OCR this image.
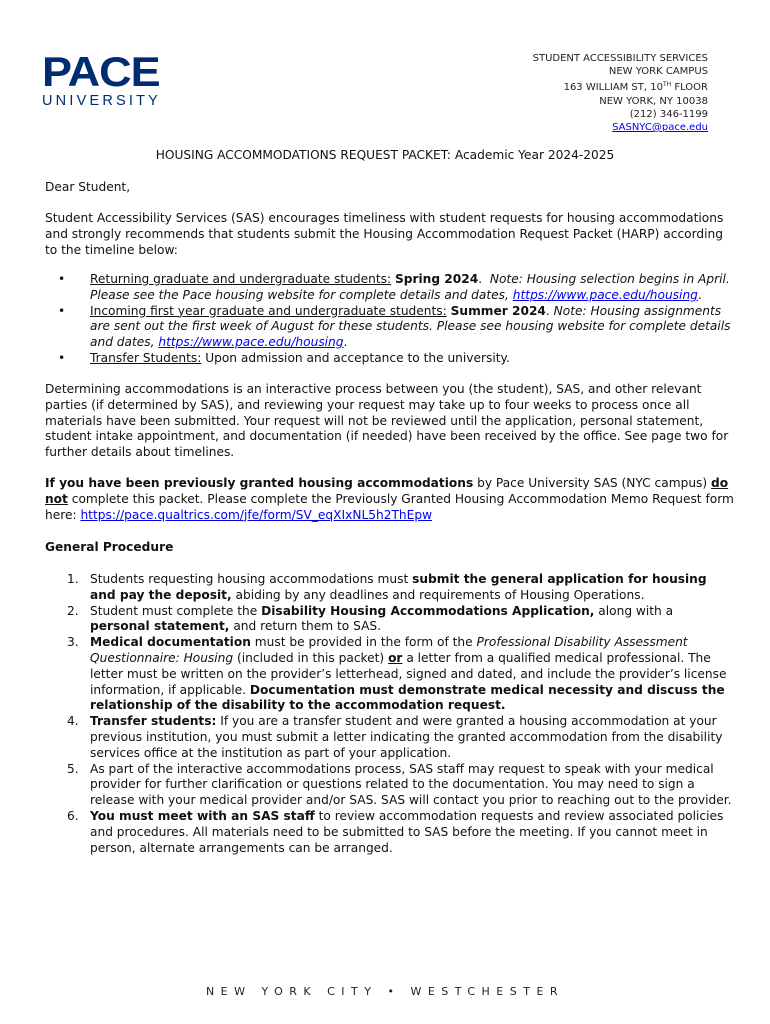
PACE
UNIVERSITY
STUDENT ACCESSIBILITY SERVICES
NEW YORK CAMPUS
163 WILLIAM ST, 10TH FLOOR
NEW YORK, NY 10038
(212) 346-1199
SASNYC@pace.edu
HOUSING ACCOMMODATIONS REQUEST PACKET: Academic Year 2024-2025

Dear Student,

Student Accessibility Services (SAS) encourages timeliness with student requests for housing accommodations and strongly recommends that students submit the Housing Accommodation Request Packet (HARP) according to the timeline below:

• Returning graduate and undergraduate students: Spring 2024.  Note: Housing selection begins in April. Please see the Pace housing website for complete details and dates, https://www.pace.edu/housing.
• Incoming first year graduate and undergraduate students: Summer 2024. Note: Housing assignments are sent out the first week of August for these students. Please see housing website for complete details and dates, https://www.pace.edu/housing.
• Transfer Students: Upon admission and acceptance to the university.

Determining accommodations is an interactive process between you (the student), SAS, and other relevant parties (if determined by SAS), and reviewing your request may take up to four weeks to process once all materials have been submitted. Your request will not be reviewed until the application, personal statement, student intake appointment, and documentation (if needed) have been received by the office. See page two for further details about timelines.

If you have been previously granted housing accommodations by Pace University SAS (NYC campus) do not complete this packet. Please complete the Previously Granted Housing Accommodation Memo Request form here: https://pace.qualtrics.com/jfe/form/SV_eqXIxNL5h2ThEpw

General Procedure

1. Students requesting housing accommodations must submit the general application for housing and pay the deposit, abiding by any deadlines and requirements of Housing Operations.
2. Student must complete the Disability Housing Accommodations Application, along with a personal statement, and return them to SAS.
3. Medical documentation must be provided in the form of the Professional Disability Assessment Questionnaire: Housing (included in this packet) or a letter from a qualified medical professional. The letter must be written on the provider’s letterhead, signed and dated, and include the provider’s license information, if applicable. Documentation must demonstrate medical necessity and discuss the relationship of the disability to the accommodation request.
4. Transfer students: If you are a transfer student and were granted a housing accommodation at your previous institution, you must submit a letter indicating the granted accommodation from the disability services office at the institution as part of your application.
5. As part of the interactive accommodations process, SAS staff may request to speak with your medical provider for further clarification or questions related to the documentation. You may need to sign a release with your medical provider and/or SAS. SAS will contact you prior to reaching out to the provider.
6. You must meet with an SAS staff to review accommodation requests and review associated policies and procedures. All materials need to be submitted to SAS before the meeting. If you cannot meet in person, alternate arrangements can be arranged.
NEW YORK CITY • WESTCHESTER
